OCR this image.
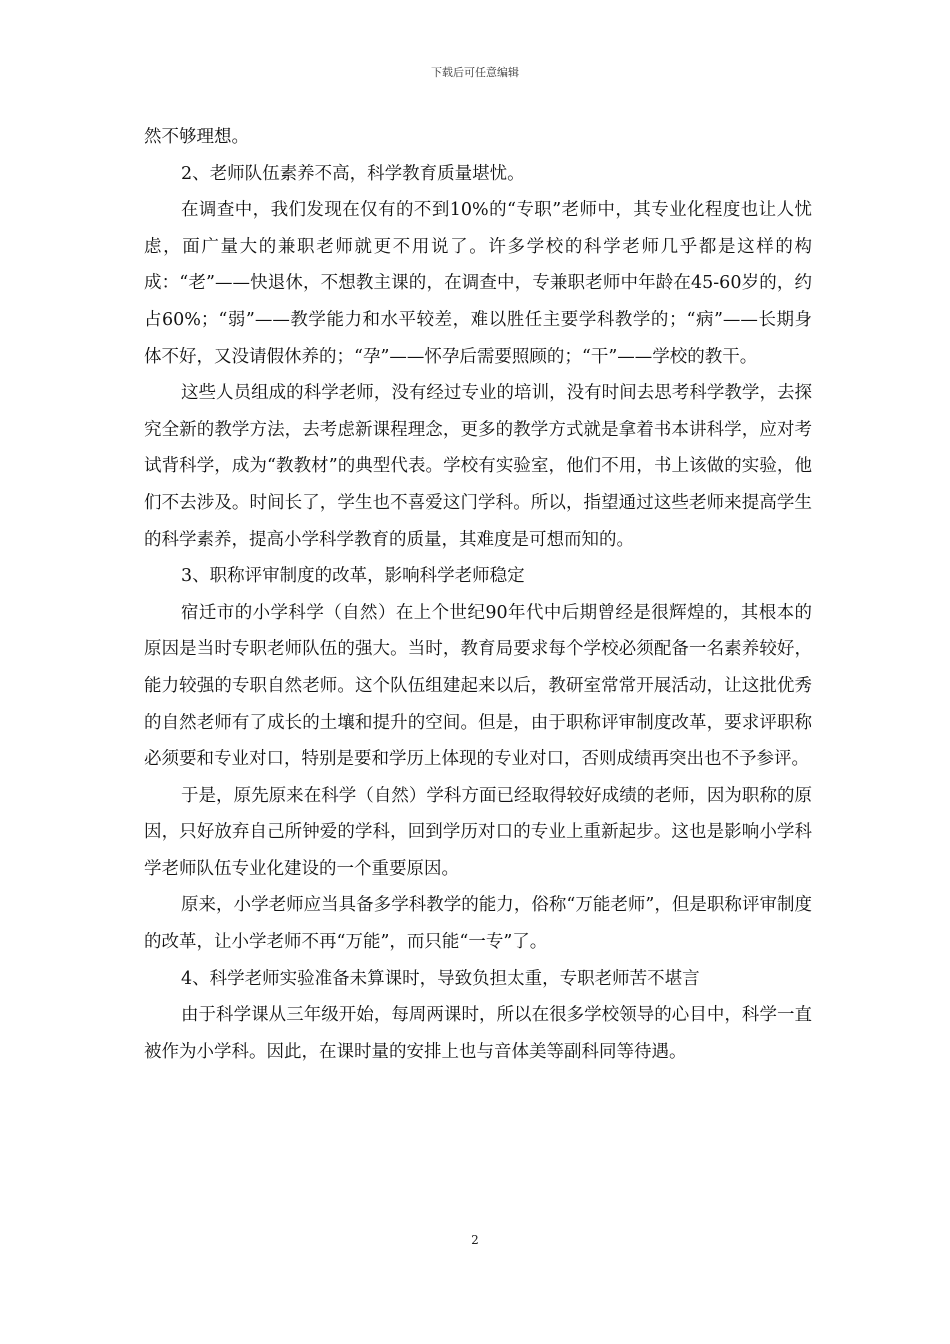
下载后可任意编辑

然不够理想。

2、老师队伍素养不高，科学教育质量堪忧。

在调查中，我们发现在仅有的不到10%的“专职”老师中，其专业化程度也让人忧虑，面广量大的兼职老师就更不用说了。许多学校的科学老师几乎都是这样的构成：“老”——快退休，不想教主课的，在调查中，专兼职老师中年龄在45-60岁的，约占60%；“弱”——教学能力和水平较差，难以胜任主要学科教学的；“病”——长期身体不好，又没请假休养的；“孕”——怀孕后需要照顾的；“干”——学校的教干。

这些人员组成的科学老师，没有经过专业的培训，没有时间去思考科学教学，去探究全新的教学方法，去考虑新课程理念，更多的教学方式就是拿着书本讲科学，应对考试背科学，成为“教教材”的典型代表。学校有实验室，他们不用，书上该做的实验，他们不去涉及。时间长了，学生也不喜爱这门学科。所以，指望通过这些老师来提高学生的科学素养，提高小学科学教育的质量，其难度是可想而知的。

3、职称评审制度的改革，影响科学老师稳定

宿迁市的小学科学（自然）在上个世纪90年代中后期曾经是很辉煌的，其根本的原因是当时专职老师队伍的强大。当时，教育局要求每个学校必须配备一名素养较好，能力较强的专职自然老师。这个队伍组建起来以后，教研室常常开展活动，让这批优秀的自然老师有了成长的土壤和提升的空间。但是，由于职称评审制度改革，要求评职称必须要和专业对口，特别是要和学历上体现的专业对口，否则成绩再突出也不予参评。

于是，原先原来在科学（自然）学科方面已经取得较好成绩的老师，因为职称的原因，只好放弃自己所钟爱的学科，回到学历对口的专业上重新起步。这也是影响小学科学老师队伍专业化建设的一个重要原因。

原来，小学老师应当具备多学科教学的能力，俗称“万能老师”，但是职称评审制度的改革，让小学老师不再“万能”，而只能“一专”了。

4、科学老师实验准备未算课时，导致负担太重，专职老师苦不堪言

由于科学课从三年级开始，每周两课时，所以在很多学校领导的心目中，科学一直被作为小学科。因此，在课时量的安排上也与音体美等副科同等待遇。

2
